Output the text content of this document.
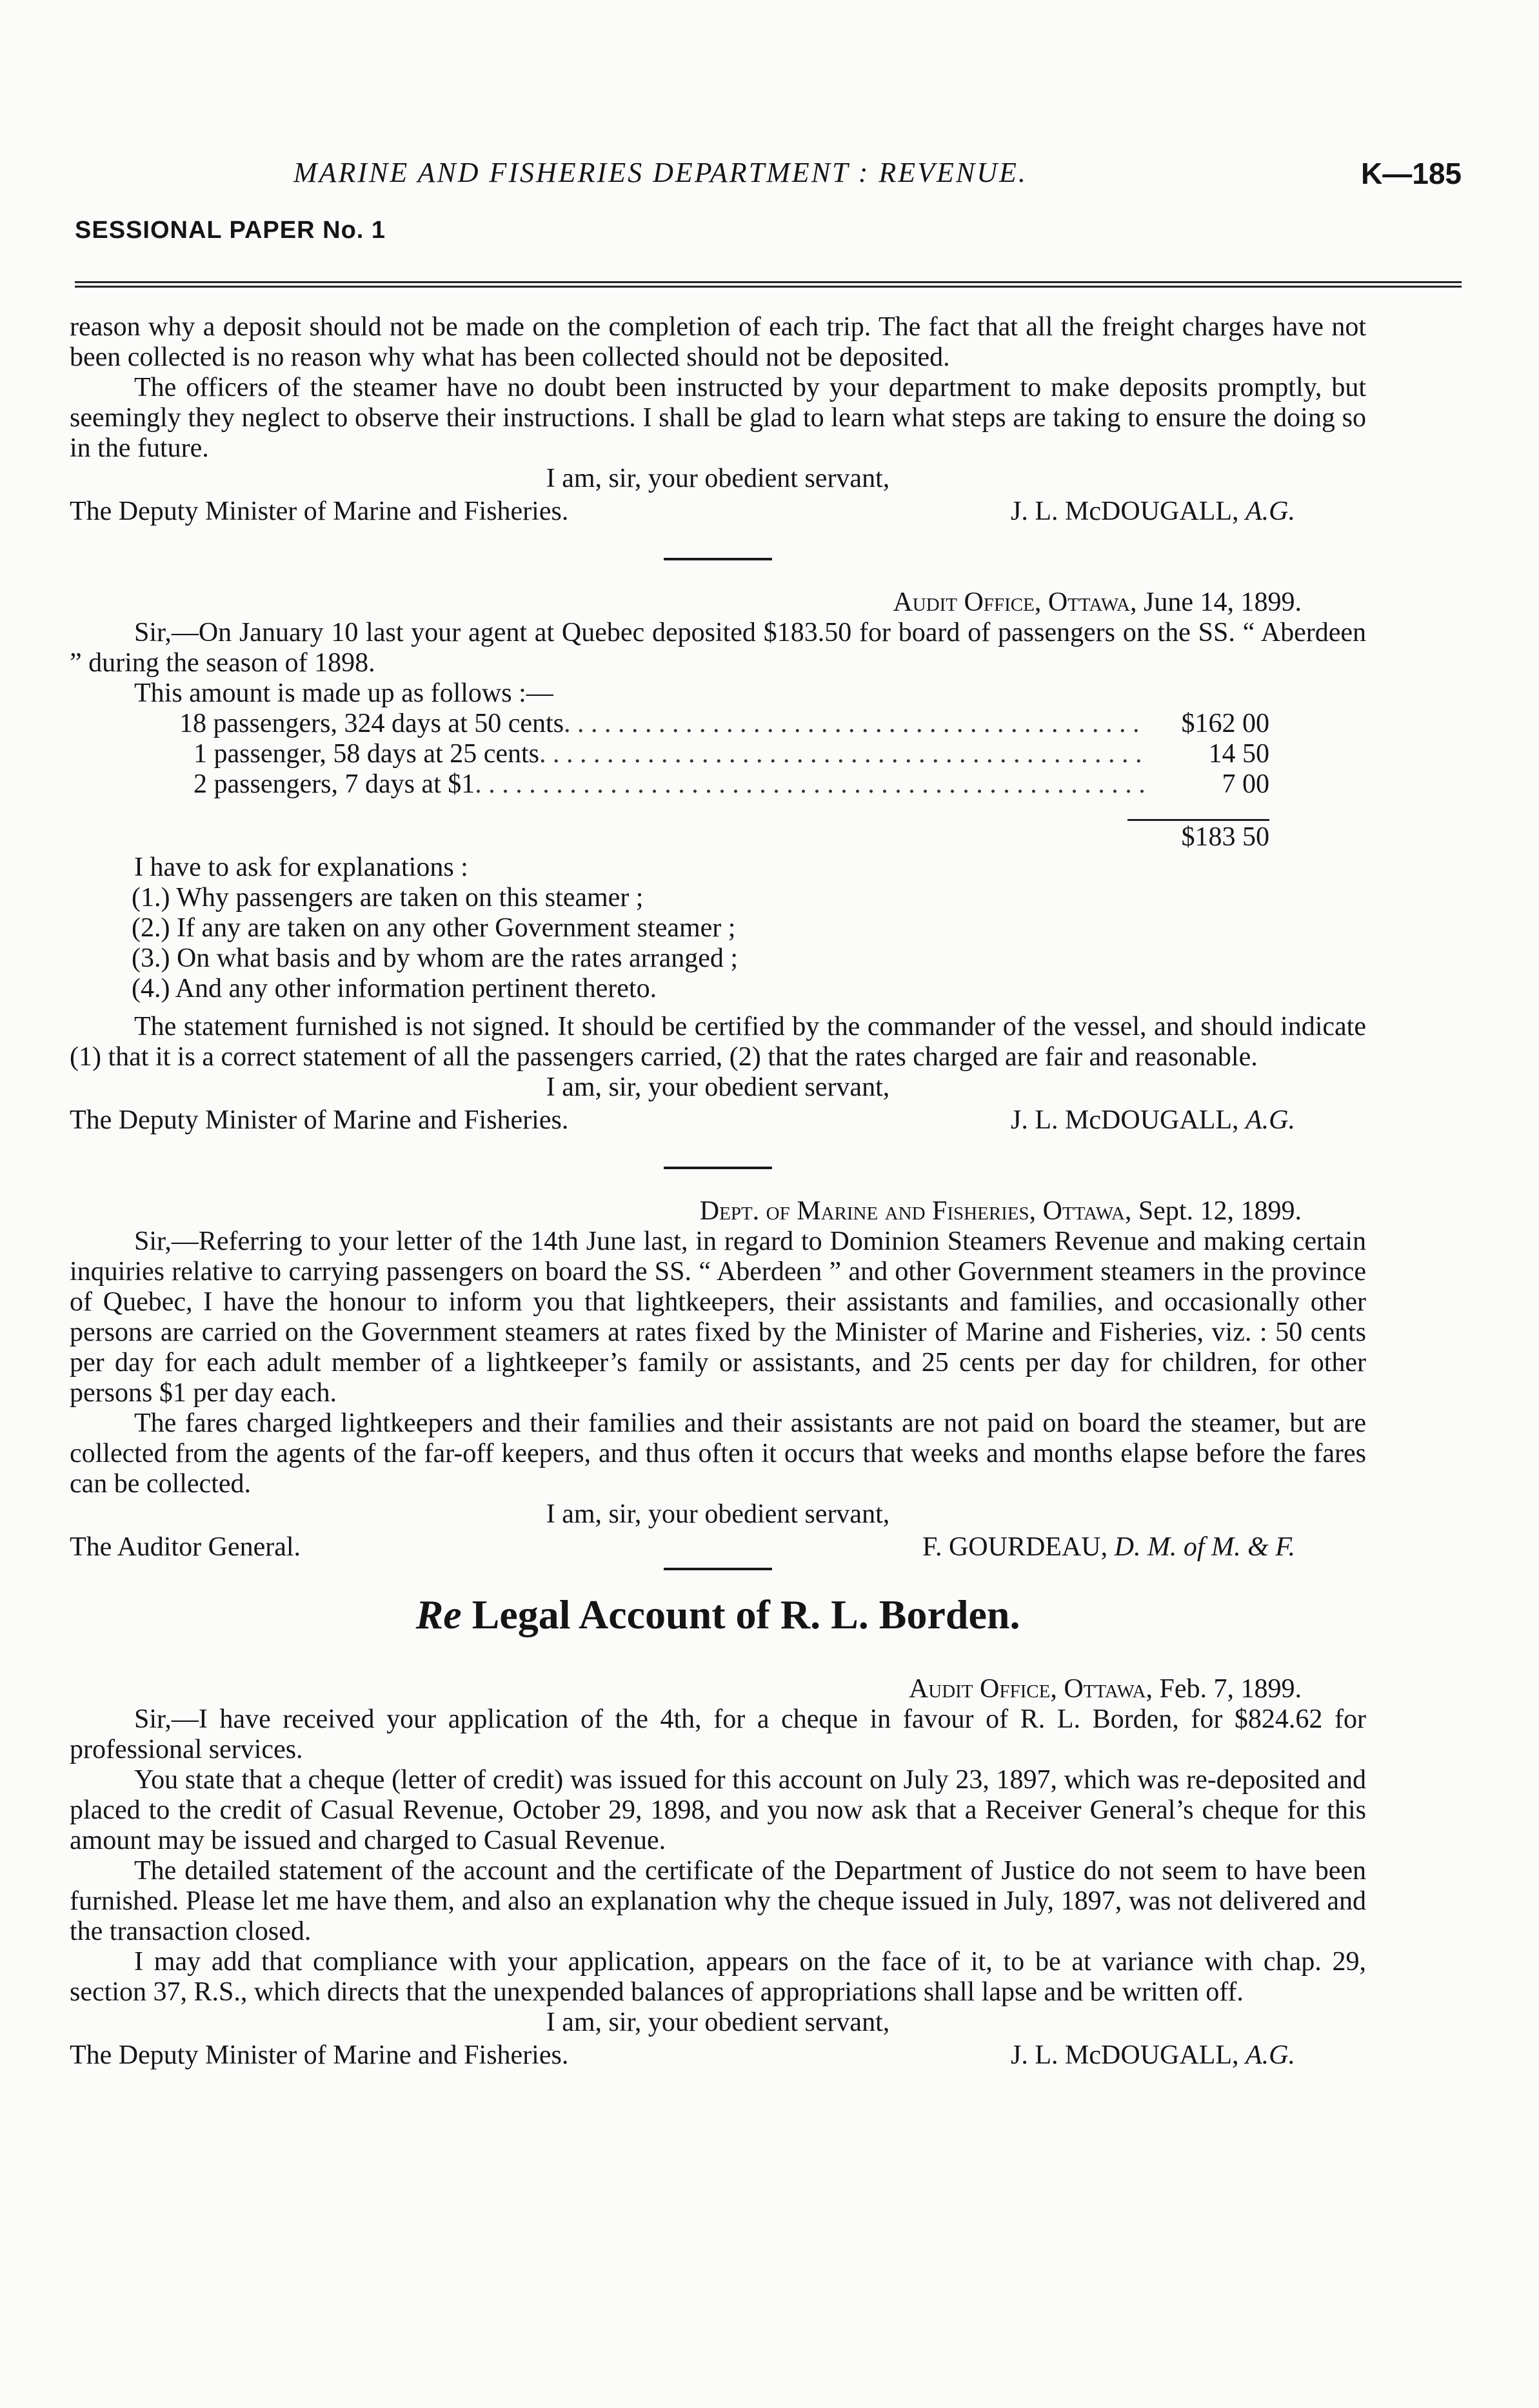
MARINE AND FISHERIES DEPARTMENT : REVENUE.	K—185
SESSIONAL PAPER No. 1

reason why a deposit should not be made on the completion of each trip. The fact that all the freight charges have not been collected is no reason why what has been collected should not be deposited.

The officers of the steamer have no doubt been instructed by your department to make deposits promptly, but seemingly they neglect to observe their instructions. I shall be glad to learn what steps are taking to ensure the doing so in the future.

I am, sir, your obedient servant,

The Deputy Minister of Marine and Fisheries.	J. L. McDOUGALL, A.G.

Audit Office, Ottawa, June 14, 1899.

Sir,—On January 10 last your agent at Quebec deposited $183.50 for board of passengers on the SS. “ Aberdeen ” during the season of 1898.

This amount is made up as follows :—

18 passengers, 324 days at 50 cents . . .	$162 00
1 passenger, 58 days at 25 cents . . .	14 50
2 passengers, 7 days at $1 . . .	7 00
$183 50

I have to ask for explanations :

(1.) Why passengers are taken on this steamer ;

(2.) If any are taken on any other Government steamer ;

(3.) On what basis and by whom are the rates arranged ;

(4.) And any other information pertinent thereto.

The statement furnished is not signed. It should be certified by the commander of the vessel, and should indicate (1) that it is a correct statement of all the passengers carried, (2) that the rates charged are fair and reasonable.

I am, sir, your obedient servant,

The Deputy Minister of Marine and Fisheries.	J. L. McDOUGALL, A.G.

Dept. of Marine and Fisheries, Ottawa, Sept. 12, 1899.

Sir,—Referring to your letter of the 14th June last, in regard to Dominion Steamers Revenue and making certain inquiries relative to carrying passengers on board the SS. “ Aberdeen ” and other Government steamers in the province of Quebec, I have the honour to inform you that lightkeepers, their assistants and families, and occasionally other persons are carried on the Government steamers at rates fixed by the Minister of Marine and Fisheries, viz. : 50 cents per day for each adult member of a lightkeeper’s family or assistants, and 25 cents per day for children, for other persons $1 per day each.

The fares charged lightkeepers and their families and their assistants are not paid on board the steamer, but are collected from the agents of the far-off keepers, and thus often it occurs that weeks and months elapse before the fares can be collected.

I am, sir, your obedient servant,

The Auditor General.	F. GOURDEAU, D. M. of M. & F.
Re Legal Account of R. L. Borden.

Audit Office, Ottawa, Feb. 7, 1899.

Sir,—I have received your application of the 4th, for a cheque in favour of R. L. Borden, for $824.62 for professional services.

You state that a cheque (letter of credit) was issued for this account on July 23, 1897, which was re-deposited and placed to the credit of Casual Revenue, October 29, 1898, and you now ask that a Receiver General’s cheque for this amount may be issued and charged to Casual Revenue.

The detailed statement of the account and the certificate of the Department of Justice do not seem to have been furnished. Please let me have them, and also an explanation why the cheque issued in July, 1897, was not delivered and the transaction closed.

I may add that compliance with your application, appears on the face of it, to be at variance with chap. 29, section 37, R.S., which directs that the unexpended balances of appropriations shall lapse and be written off.

I am, sir, your obedient servant,

The Deputy Minister of Marine and Fisheries.	J. L. McDOUGALL, A.G.
